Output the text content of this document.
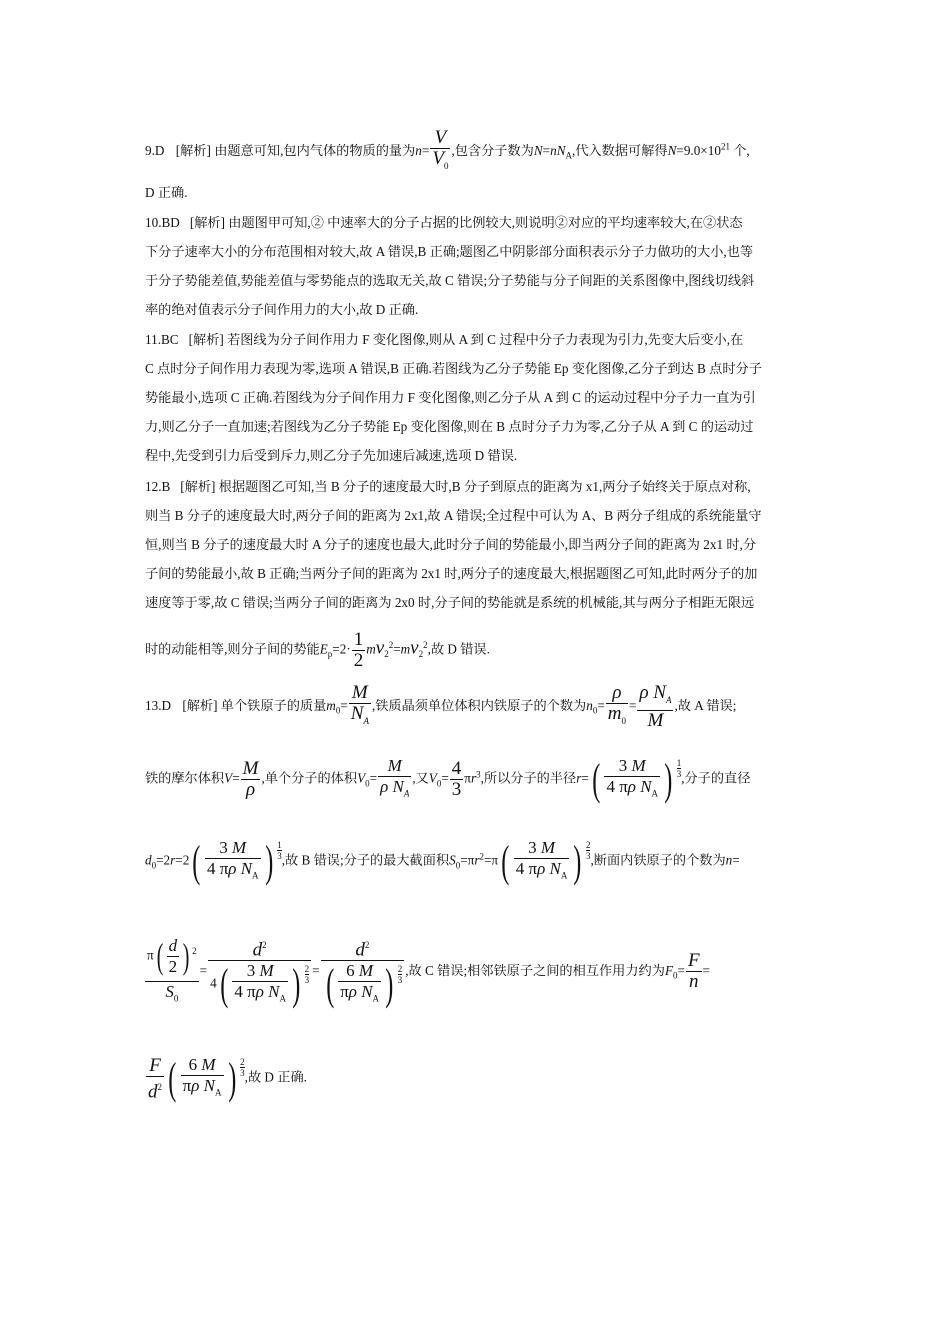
9.D [解析] 由题意可知,包内气体的物质的量为$n= \frac{V}{V_0}$ ,包含分子数为$N=nN_A$,代入数据可解得$N=9.0\times 10^{21}$ 个,
D 正确.
10.BD [解析] 由题图甲可知,② 中速率大的分子占据的比例较大,则说明②对应的平均速率较大,在②状态
下分子速率大小的分布范围相对较大,故 A 错误,B 正确;题图乙中阴影部分面积表示分子力做功的大小,也等
于分子势能差值,势能差值与零势能点的选取无关,故 C 错误;分子势能与分子间距的关系图像中,图线切线斜
率的绝对值表示分子间作用力的大小,故 D 正确.
11.BC [解析] 若图线为分子间作用力 F 变化图像,则从 A 到 C 过程中分子力表现为引力,先变大后变小,在
C 点时分子间作用力表现为零,选项 A 错误,B 正确.若图线为乙分子势能 Ep 变化图像,乙分子到达 B 点时分子
势能最小,选项 C 正确.若图线为分子间作用力 F 变化图像,则乙分子从 A 到 C 的运动过程中分子力一直为引
力,则乙分子一直加速;若图线为乙分子势能 Ep 变化图像,则在 B 点时分子力为零,乙分子从 A 到 C 的运动过
程中,先受到引力后受到斥力,则乙分子先加速后减速,选项 D 错误.
12.B [解析] 根据题图乙可知,当 B 分子的速度最大时,B 分子到原点的距离为 x1,两分子始终关于原点对称,
则当 B 分子的速度最大时,两分子间的距离为 2x1,故 A 错误;全过程中可认为 A、B 两分子组成的系统能量守
恒,则当 B 分子的速度最大时 A 分子的速度也最大,此时分子间的势能最小,即当两分子间的距离为 2x1 时,分
子间的势能最小,故 B 正确;当两分子间的距离为 2x1 时,两分子的速度最大,根据题图乙可知,此时两分子的加
速度等于零,故 C 错误;当两分子间的距离为 2x0 时,分子间的势能就是系统的机械能,其与两分子相距无限远
时的动能相等,则分子间的势能$E_p=2\cdot \frac{1}{2} mv_2^2=mv_2^2$,故 D 错误.
13.D [解析] 单个铁原子的质量$m_0= \frac{M}{N_A}$ ,铁质晶须单位体积内铁原子的个数为$n_0= \frac{\rho}{m_0} = \frac{\rho N_A}{M}$ ,故 A 错误;
铁的摩尔体积$V= \frac{M}{\rho}$ ,单个分子的体积$V_0= \frac{M}{\rho N_A}$ ,又$V_0= \frac{4}{3} \pi r^3$,所以分子的半径$r=( \frac{3 M}{4 \pi\rho N_A}$ ) $\frac{1}{3}$ ,分子的直径
$d_0=2r=2( \frac{3 M}{4 \pi\rho N_A}$ ) $\frac{1}{3}$ ,故 B 错误;分子的最大截面积$S_0=\pi r^2=\pi( \frac{3 M}{4 \pi\rho N_A}$ ) $\frac{2}{3}$ ,断面内铁原子的个数为n=
$\frac{\pi( \frac{d}{2} ) ^2}{S_0} = \frac{d^2}{4( \frac{3 M}{4 \pi\rho N_A} ) \frac{2}{3}} = \frac{d^2}{( \frac{6 M}{\pi\rho N_A} ) \frac{2}{3}}$ ,故 C 错误;相邻铁原子之间的相互作用力约为$F_0= \frac{F}{n}$ =
$\frac{F}{d^2}$ ( $\frac{6 M}{\pi\rho N_A}$ ) $\frac{2}{3}$ ,故 D 正确.
